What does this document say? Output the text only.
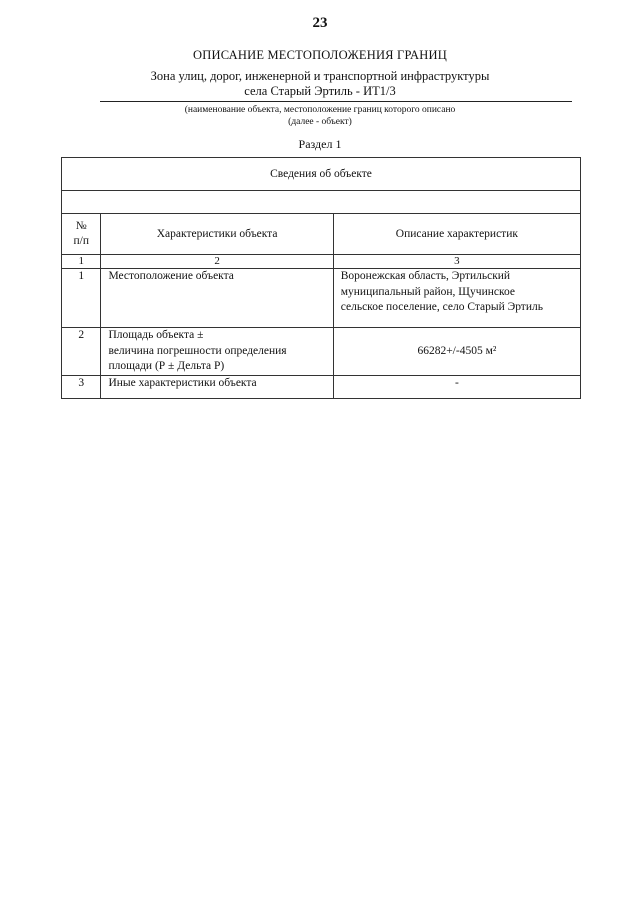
23
ОПИСАНИЕ МЕСТОПОЛОЖЕНИЯ ГРАНИЦ
Зона улиц, дорог, инженерной и транспортной инфраструктуры
села Старый Эртиль - ИТ1/3
(наименование объекта, местоположение границ которого описано
(далее - объект)
Раздел 1
Сведения об объекте		

№
п/п	Характеристики объекта	Описание характеристик
1	2	3
1	Местоположение объекта	Воронежская область, Эртильский
муниципальный район, Щучинское
сельское поселение, село Старый Эртиль

2	Площадь объекта ±
величина погрешности определения
площади (Р ± Дельта Р)	66282+/-4505 м²
3	Иные характеристики объекта	-
